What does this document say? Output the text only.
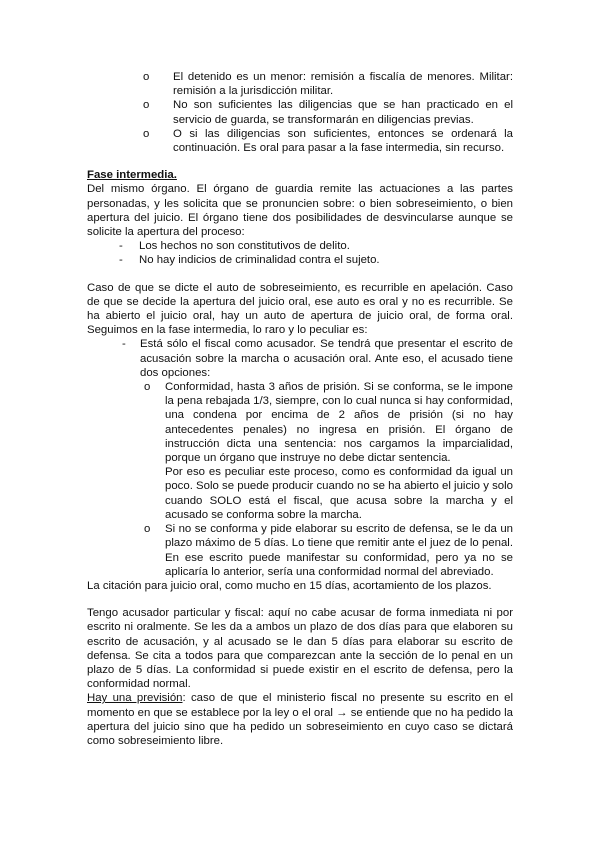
o El detenido es un menor: remisión a fiscalía de menores. Militar: remisión a la jurisdicción militar.
o No son suficientes las diligencias que se han practicado en el servicio de guarda, se transformarán en diligencias previas.
o O si las diligencias son suficientes, entonces se ordenará la continuación. Es oral para pasar a la fase intermedia, sin recurso.

Fase intermedia.

Del mismo órgano. El órgano de guardia remite las actuaciones a las partes personadas, y les solicita que se pronuncien sobre: o bien sobreseimiento, o bien apertura del juicio. El órgano tiene dos posibilidades de desvincularse aunque se solicite la apertura del proceso:

- Los hechos no son constitutivos de delito.
- No hay indicios de criminalidad contra el sujeto.

Caso de que se dicte el auto de sobreseimiento, es recurrible en apelación. Caso de que se decide la apertura del juicio oral, ese auto es oral y no es recurrible. Se ha abierto el juicio oral, hay un auto de apertura de juicio oral, de forma oral. Seguimos en la fase intermedia, lo raro y lo peculiar es:

- Está sólo el fiscal como acusador. Se tendrá que presentar el escrito de acusación sobre la marcha o acusación oral. Ante eso, el acusado tiene dos opciones:
o Conformidad, hasta 3 años de prisión. Si se conforma, se le impone la pena rebajada 1/3, siempre, con lo cual nunca si hay conformidad, una condena por encima de 2 años de prisión (si no hay antecedentes penales) no ingresa en prisión. El órgano de instrucción dicta una sentencia: nos cargamos la imparcialidad, porque un órgano que instruye no debe dictar sentencia.

Por eso es peculiar este proceso, como es conformidad da igual un poco. Solo se puede producir cuando no se ha abierto el juicio y solo cuando SOLO está el fiscal, que acusa sobre la marcha y el acusado se conforma sobre la marcha.

o Si no se conforma y pide elaborar su escrito de defensa, se le da un plazo máximo de 5 días. Lo tiene que remitir ante el juez de lo penal. En ese escrito puede manifestar su conformidad, pero ya no se aplicaría lo anterior, sería una conformidad normal del abreviado.

La citación para juicio oral, como mucho en 15 días, acortamiento de los plazos.

Tengo acusador particular y fiscal: aquí no cabe acusar de forma inmediata ni por escrito ni oralmente. Se les da a ambos un plazo de dos días para que elaboren su escrito de acusación, y al acusado se le dan 5 días para elaborar su escrito de defensa. Se cita a todos para que comparezcan ante la sección de lo penal en un plazo de 5 días. La conformidad si puede existir en el escrito de defensa, pero la conformidad normal.

Hay una previsión: caso de que el ministerio fiscal no presente su escrito en el momento en que se establece por la ley o el oral → se entiende que no ha pedido la apertura del juicio sino que ha pedido un sobreseimiento en cuyo caso se dictará como sobreseimiento libre.
